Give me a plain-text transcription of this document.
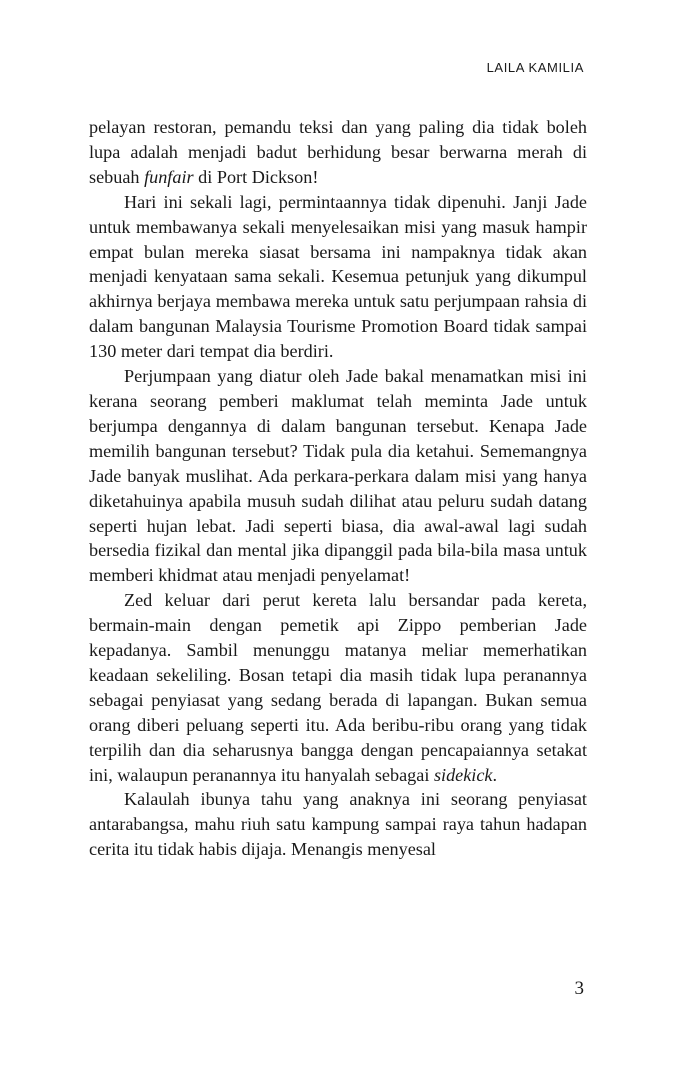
LAILA KAMILIA

pelayan restoran, pemandu teksi dan yang paling dia tidak boleh lupa adalah menjadi badut berhidung besar berwarna merah di sebuah funfair di Port Dickson!

Hari ini sekali lagi, permintaannya tidak dipenuhi. Janji Jade untuk membawanya sekali menyelesaikan misi yang masuk hampir empat bulan mereka siasat bersama ini nampaknya tidak akan menjadi kenyataan sama sekali. Kesemua petunjuk yang dikumpul akhirnya berjaya membawa mereka untuk satu perjumpaan rahsia di dalam bangunan Malaysia Tourisme Promotion Board tidak sampai 130 meter dari tempat dia berdiri.

Perjumpaan yang diatur oleh Jade bakal menamatkan misi ini kerana seorang pemberi maklumat telah meminta Jade untuk berjumpa dengannya di dalam bangunan tersebut. Kenapa Jade memilih bangunan tersebut? Tidak pula dia ketahui. Sememangnya Jade banyak muslihat. Ada perkara-perkara dalam misi yang hanya diketahuinya apabila musuh sudah dilihat atau peluru sudah datang seperti hujan lebat. Jadi seperti biasa, dia awal-awal lagi sudah bersedia fizikal dan mental jika dipanggil pada bila-bila masa untuk memberi khidmat atau menjadi penyelamat!

Zed keluar dari perut kereta lalu bersandar pada kereta, bermain-main dengan pemetik api Zippo pemberian Jade kepadanya. Sambil menunggu matanya meliar memerhatikan keadaan sekeliling. Bosan tetapi dia masih tidak lupa peranannya sebagai penyiasat yang sedang berada di lapangan. Bukan semua orang diberi peluang seperti itu. Ada beribu-ribu orang yang tidak terpilih dan dia seharusnya bangga dengan pencapaiannya setakat ini, walaupun peranannya itu hanyalah sebagai sidekick.

Kalaulah ibunya tahu yang anaknya ini seorang penyiasat antarabangsa, mahu riuh satu kampung sampai raya tahun hadapan cerita itu tidak habis dijaja. Menangis menyesal

3
